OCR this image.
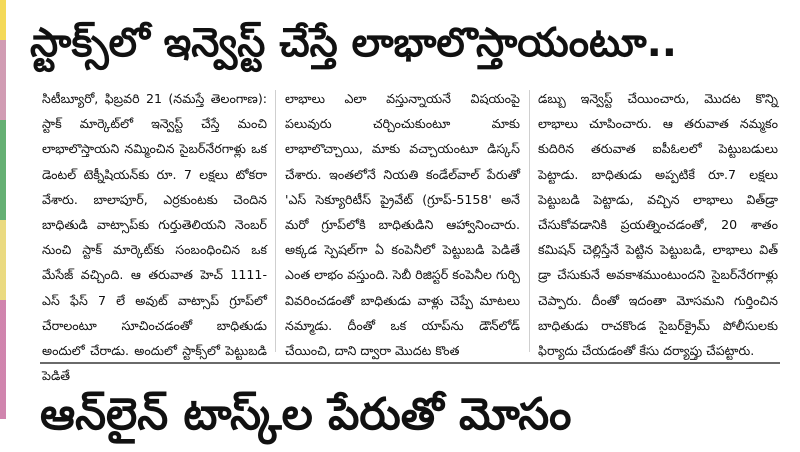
స్టాక్స్‌లో ఇన్వెస్ట్ చేస్తే లాభాలొస్తాయంటూ..
సిటీబ్యూరో, ఫిబ్రవరి 21 (నమస్తే తెలంగాణ): స్టాక్ మార్కెట్‌లో ఇన్వెస్ట్ చేస్తే మంచి లాభాలొస్తాయని నమ్మించిన సైబర్‌నేరగాళ్లు ఒక డెంటల్ టెక్నీషియన్‌కు రూ. 7 లక్షలు టోకరా వేశారు. బాలాపూర్, ఎర్రకుంటకు చెందిన బాధితుడి వాట్సాప్‌కు గుర్తుతెలియని నెంబర్ నుంచి స్టాక్ మార్కెట్‌కు సంబంధించిన ఒక మేసేజ్ వచ్చింది. ఆ తరువాత హెచ్ 1111-ఎస్ ఫేస్ 7 లే అవుట్ వాట్సాప్ గ్రూప్‌లో చేరాలంటూ సూచించడంతో బాధితుడు అందులో చేరాడు. అందులో స్టాక్స్‌లో పెట్టుబడి పెడితే
లాభాలు ఎలా వస్తున్నాయనే విషయంపై పలువురు చర్చించుకుంటూ మాకు లాభాలొచ్చాయి, మాకు వచ్చాయంటూ డిస్కస్ చేశారు. ఇంతలోనే నియతి కండేల్‌వాల్ పేరుతో 'ఎస్ సెక్యూరిటీస్ ప్రైవేట్ (గ్రూప్-5158' అనే మరో గ్రూప్‌లోకి బాధితుడిని ఆహ్వానించారు. అక్కడ స్పెషల్‌గా ఏ కంపెనీలో పెట్టుబడి పెడితే ఎంత లాభం వస్తుంది. సెబీ రిజిస్టర్ కంపెనీల గుర్చి వివరించడంతో బాధితుడు వాళ్లు చెప్పే మాటలు నమ్మాడు. దీంతో ఒక యాప్‌ను డౌన్‌లోడ్ చేయించి, దాని ద్వారా మొదట కొంత
డబ్బు ఇన్వెస్ట్ చేయించారు, మొదట కొన్ని లాభాలు చూపించారు. ఆ తరువాత నమ్మకం కుదిరిన తరువాత ఐపీఓలలో పెట్టుబడులు పెట్టాడు. బాధితుడు అప్పటికే రూ.7 లక్షలు పెట్టుబడి పెట్టాడు, వచ్చిన లాభాలు విత్‌డ్రా చేసుకోవడానికి ప్రయత్నించడంతో, 20 శాతం కమిషన్ చెల్లిస్తేనే పెట్టిన పెట్టుబడి, లాభాలు విత్ డ్రా చేసుకునే అవకాశముంటుందని సైబర్‌నేరగాళ్లు చెప్పారు. దీంతో ఇదంతా మోసమని గుర్తించిన బాధితుడు రాచకొండ సైబర్‌క్రైమ్ పోలీసులకు ఫిర్యాదు చేయడంతో కేసు దర్యాప్తు చేపట్టారు.
ఆన్‌లైన్ టాస్క్‌ల పేరుతో మోసం
